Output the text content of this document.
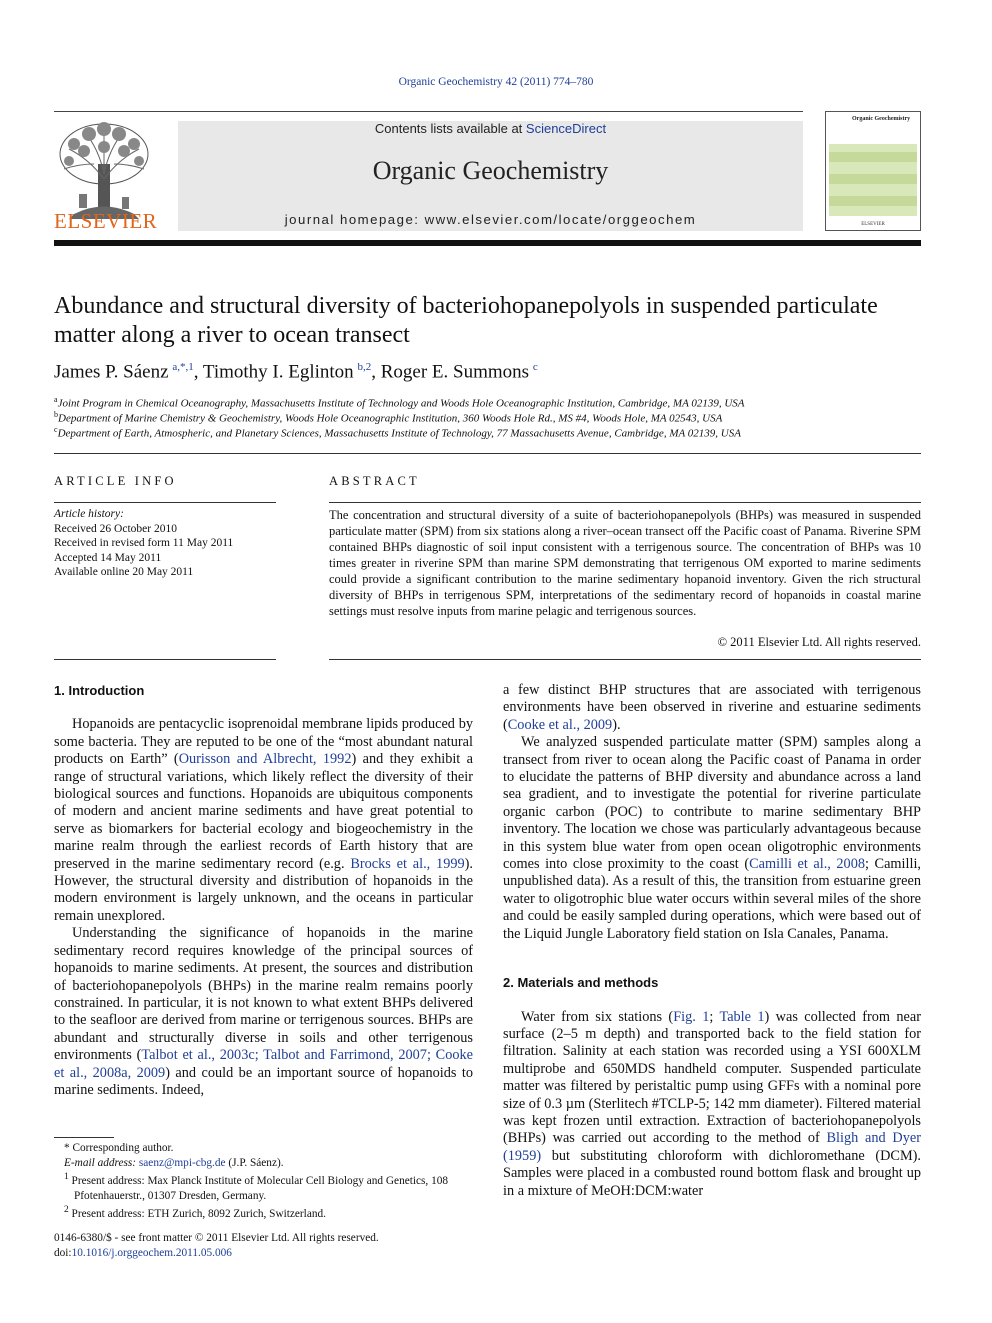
Organic Geochemistry 42 (2011) 774–780
ELSEVIER
Contents lists available at ScienceDirect
Organic Geochemistry
journal homepage: www.elsevier.com/locate/orggeochem
Organic Geochemistry
ELSEVIER
Abundance and structural diversity of bacteriohopanepolyols in suspended particulate matter along a river to ocean transect
James P. Sáenz  $^{a,*,1}$, Timothy I. Eglinton  $^{b,2}$, Roger E. Summons  $^c$
$^a$Joint Program in Chemical Oceanography, Massachusetts Institute of Technology and Woods Hole Oceanographic Institution, Cambridge, MA 02139, USA
$^b$Department of Marine Chemistry & Geochemistry, Woods Hole Oceanographic Institution, 360 Woods Hole Rd., MS #4, Woods Hole, MA 02543, USA
$^c$Department of Earth, Atmospheric, and Planetary Sciences, Massachusetts Institute of Technology, 77 Massachusetts Avenue, Cambridge, MA 02139, USA
ARTICLE INFO
Article history:
Received 26 October 2010
Received in revised form 11 May 2011
Accepted 14 May 2011
Available online 20 May 2011
ABSTRACT
The concentration and structural diversity of a suite of bacteriohopanepolyols (BHPs) was measured in suspended particulate matter (SPM) from six stations along a river–ocean transect off the Pacific coast of Panama. Riverine SPM contained BHPs diagnostic of soil input consistent with a terrigenous source. The concentration of BHPs was 10 times greater in riverine SPM than marine SPM demonstrating that terrigenous OM exported to marine sediments could provide a significant contribution to the marine sedimentary hopanoid inventory. Given the rich structural diversity of BHPs in terrigenous SPM, interpretations of the sedimentary record of hopanoids in coastal marine settings must resolve inputs from marine pelagic and terrigenous sources.
© 2011 Elsevier Ltd. All rights reserved.
1. Introduction

Hopanoids are pentacyclic isoprenoidal membrane lipids produced by some bacteria. They are reputed to be one of the “most abundant natural products on Earth” (Ourisson and Albrecht, 1992) and they exhibit a range of structural variations, which likely reflect the diversity of their biological sources and functions. Hopanoids are ubiquitous components of modern and ancient marine sediments and have great potential to serve as biomarkers for bacterial ecology and biogeochemistry in the marine realm through the earliest records of Earth history that are preserved in the marine sedimentary record (e.g. Brocks et al., 1999). However, the structural diversity and distribution of hopanoids in the modern environment is largely unknown, and the oceans in particular remain unexplored.

Understanding the significance of hopanoids in the marine sedimentary record requires knowledge of the principal sources of hopanoids to marine sediments. At present, the sources and distribution of bacteriohopanepolyols (BHPs) in the marine realm remains poorly constrained. In particular, it is not known to what extent BHPs delivered to the seafloor are derived from marine or terrigenous sources. BHPs are abundant and structurally diverse in soils and other terrigenous environments (Talbot et al., 2003c; Talbot and Farrimond, 2007; Cooke et al., 2008a, 2009) and could be an important source of hopanoids to marine sediments. Indeed,

a few distinct BHP structures that are associated with terrigenous environments have been observed in riverine and estuarine sediments (Cooke et al., 2009).

We analyzed suspended particulate matter (SPM) samples along a transect from river to ocean along the Pacific coast of Panama in order to elucidate the patterns of BHP diversity and abundance across a land sea gradient, and to investigate the potential for riverine particulate organic carbon (POC) to contribute to marine sedimentary BHP inventory. The location we chose was particularly advantageous because in this system blue water from open ocean oligotrophic environments comes into close proximity to the coast (Camilli et al., 2008; Camilli, unpublished data). As a result of this, the transition from estuarine green water to oligotrophic blue water occurs within several miles of the shore and could be easily sampled during operations, which were based out of the Liquid Jungle Laboratory field station on Isla Canales, Panama.

2. Materials and methods

Water from six stations (Fig. 1; Table 1) was collected from near surface (2–5 m depth) and transported back to the field station for filtration. Salinity at each station was recorded using a YSI 600XLM multiprobe and 650MDS handheld computer. Suspended particulate matter was filtered by peristaltic pump using GFFs with a nominal pore size of 0.3 µm (Sterlitech #TCLP-5; 142 mm diameter). Filtered material was kept frozen until extraction. Extraction of bacteriohopanepolyols (BHPs) was carried out according to the method of Bligh and Dyer (1959) but substituting chloroform with dichloromethane (DCM). Samples were placed in a combusted round bottom flask and brought up in a mixture of MeOH:DCM:water

* Corresponding author.
E-mail address: saenz@mpi-cbg.de (J.P. Sáenz).
$^1$ Present address: Max Planck Institute of Molecular Cell Biology and Genetics, 108 Pfotenhauerstr., 01307 Dresden, Germany.
$^2$ Present address: ETH Zurich, 8092 Zurich, Switzerland.
0146-6380/$ - see front matter © 2011 Elsevier Ltd. All rights reserved.
doi:10.1016/j.orggeochem.2011.05.006
